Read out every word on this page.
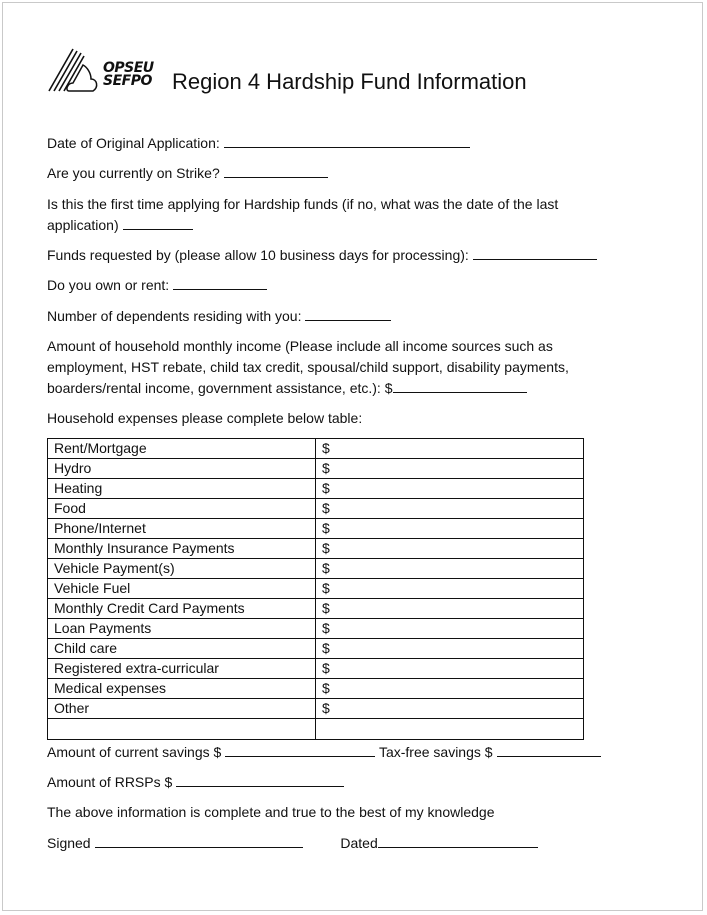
OPSEU
SEFPO Region 4 Hardship Fund Information
Date of Original Application:
Are you currently on Strike?
Is this the first time applying for Hardship funds (if no, what was the date of the last
application)
Funds requested by (please allow 10 business days for processing):
Do you own or rent:
Number of dependents residing with you:
Amount of household monthly income (Please include all income sources such as
employment, HST rebate, child tax credit, spousal/child support, disability payments,
boarders/rental income, government assistance, etc.): $
Household expenses please complete below table:
Rent/Mortgage	$
Hydro	$
Heating	$
Food	$
Phone/Internet	$
Monthly Insurance Payments	$
Vehicle Payment(s)	$
Vehicle Fuel	$
Monthly Credit Card Payments	$
Loan Payments	$
Child care	$
Registered extra-curricular	$
Medical expenses	$
Other	$

Amount of current savings $	Tax-free savings $
Amount of RRSPs $
The above information is complete and true to the best of my knowledge
Signed	Dated
